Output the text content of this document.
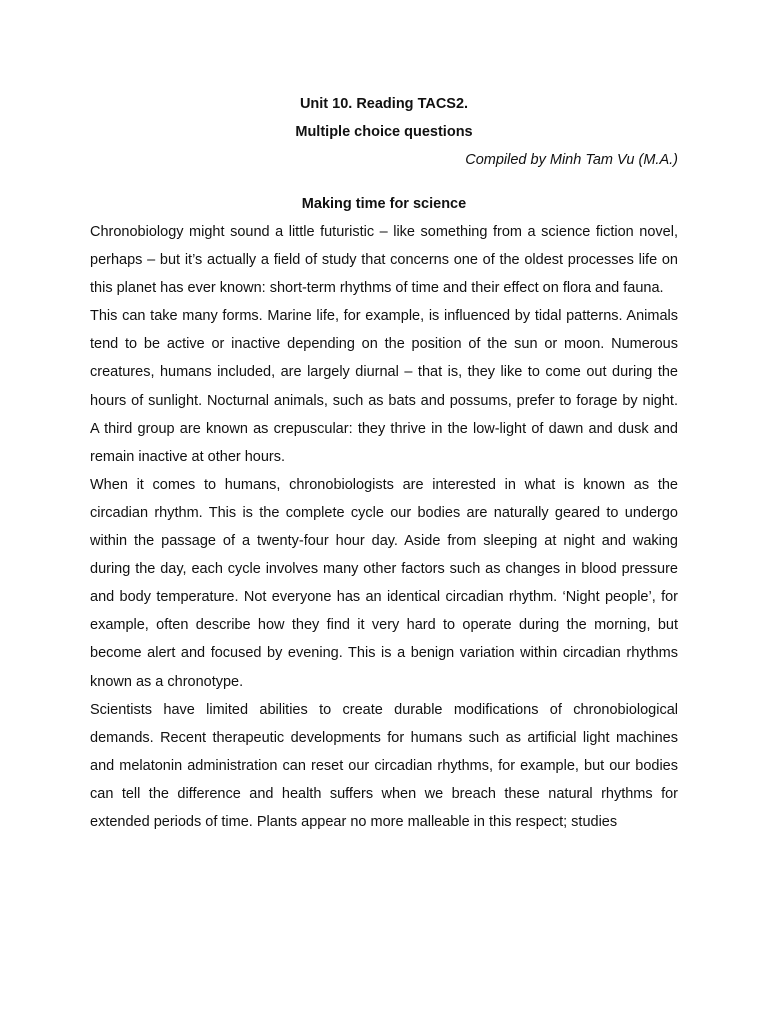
Unit 10. Reading TACS2.

Multiple choice questions

Compiled by Minh Tam Vu (M.A.)

Making time for science

Chronobiology might sound a little futuristic – like something from a science fiction novel, perhaps – but it’s actually a field of study that concerns one of the oldest processes life on this planet has ever known: short-term rhythms of time and their effect on flora and fauna.

This can take many forms. Marine life, for example, is influenced by tidal patterns. Animals tend to be active or inactive depending on the position of the sun or moon. Numerous creatures, humans included, are largely diurnal – that is, they like to come out during the hours of sunlight. Nocturnal animals, such as bats and possums, prefer to forage by night. A third group are known as crepuscular: they thrive in the low-light of dawn and dusk and remain inactive at other hours.

When it comes to humans, chronobiologists are interested in what is known as the circadian rhythm. This is the complete cycle our bodies are naturally geared to undergo within the passage of a twenty-four hour day. Aside from sleeping at night and waking during the day, each cycle involves many other factors such as changes in blood pressure and body temperature. Not everyone has an identical circadian rhythm. ‘Night people’, for example, often describe how they find it very hard to operate during the morning, but become alert and focused by evening. This is a benign variation within circadian rhythms known as a chronotype.

Scientists have limited abilities to create durable modifications of chronobiological demands. Recent therapeutic developments for humans such as artificial light machines and melatonin administration can reset our circadian rhythms, for example, but our bodies can tell the difference and health suffers when we breach these natural rhythms for extended periods of time. Plants appear no more malleable in this respect; studies
